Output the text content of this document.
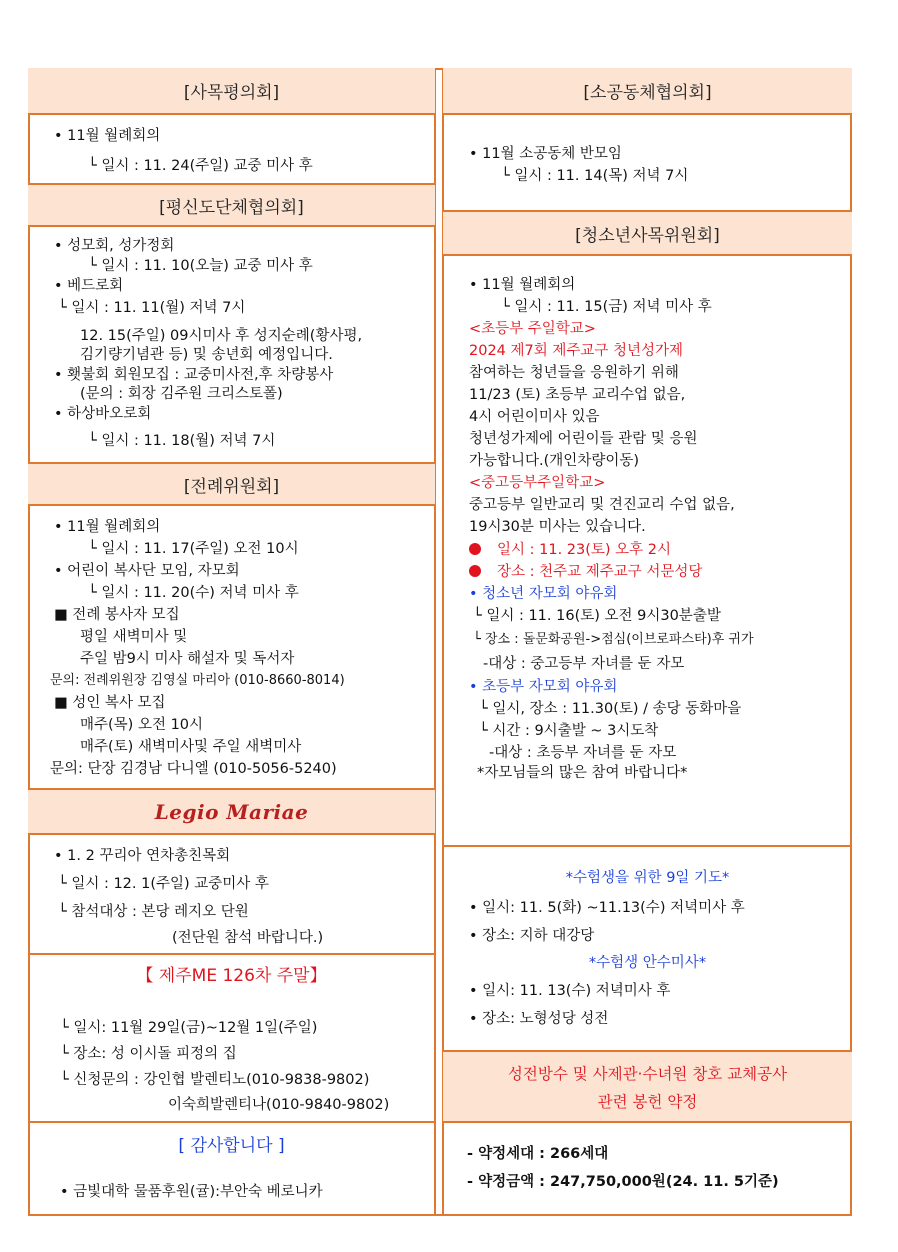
[사목평의회]
• 11월 월례회의
└ 일시 : 11. 24(주일) 교중 미사 후
[평신도단체협의회]
• 성모회, 성가정회
└ 일시 : 11. 10(오늘) 교중 미사 후
• 베드로회
└ 일시 : 11. 11(월) 저녁 7시
12. 15(주일) 09시미사 후 성지순례(황사평,
김기량기념관 등) 및 송년회 예정입니다.
• 횃불회 회원모집 : 교중미사전,후 차량봉사
(문의 : 회장 김주원 크리스토폴)
• 하상바오로회
└ 일시 : 11. 18(월) 저녁 7시
[전례위원회]
• 11월 월례회의
└ 일시 : 11. 17(주일) 오전 10시
• 어린이 복사단 모임, 자모회
└ 일시 : 11. 20(수) 저녁 미사 후
■ 전례 봉사자 모집
평일 새벽미사 및
주일 밤9시 미사 해설자 및 독서자
문의: 전례위원장 김영실 마리아 (010-8660-8014)
■ 성인 복사 모집
매주(목) 오전 10시
매주(토) 새벽미사및 주일 새벽미사
문의: 단장 김경남 다니엘 (010-5056-5240)
Legio Mariae
• 1. 2 꾸리아 연차총친목회
└ 일시 : 12. 1(주일) 교중미사 후
└ 참석대상 : 본당 레지오 단원
(전단원 참석 바랍니다.)
【 제주ME 126차 주말】
└ 일시: 11월 29일(금)~12월 1일(주일)
└ 장소: 성 이시돌 피정의 집
└ 신청문의 : 강인협 발렌티노(010-9838-9802)
이숙희발렌티나(010-9840-9802)
[ 감사합니다 ]
• 금빛대학 물품후원(귤):부안숙 베로니카
[소공동체협의회]
• 11월 소공동체 반모임
└ 일시 : 11. 14(목) 저녁 7시
[청소년사목위원회]
• 11월 월례회의
└ 일시 : 11. 15(금) 저녁 미사 후
<초등부 주일학교>
2024 제7회 제주교구 청년성가제
참여하는 청년들을 응원하기 위해
11/23 (토) 초등부 교리수업 없음,
4시 어린이미사 있음
청년성가제에 어린이들 관람 및 응원
가능합니다.(개인차량이동)
<중고등부주일학교>
중고등부 일반교리 및 견진교리 수업 없음,
19시30분 미사는 있습니다.
일시 : 11. 23(토) 오후 2시
장소 : 천주교 제주교구 서문성당
• 청소년 자모회 야유회
└ 일시 : 11. 16(토) 오전 9시30분출발
└ 장소 : 돌문화공원->점심(이브로파스타)후 귀가
-대상 : 중고등부 자녀를 둔 자모
• 초등부 자모회 야유회
└ 일시, 장소 : 11.30(토) / 송당 동화마을
└ 시간 : 9시출발 ~ 3시도착
-대상 : 초등부 자녀를 둔 자모
*자모님들의 많은 참여 바랍니다*
*수험생을 위한 9일 기도*
• 일시: 11. 5(화) ~11.13(수) 저녁미사 후
• 장소: 지하 대강당
*수험생 안수미사*
• 일시: 11. 13(수) 저녁미사 후
• 장소: 노형성당 성전
성전방수 및 사제관·수녀원 창호 교체공사
관련 봉헌 약정
- 약정세대 : 266세대
- 약정금액 : 247,750,000원(24. 11. 5기준)
